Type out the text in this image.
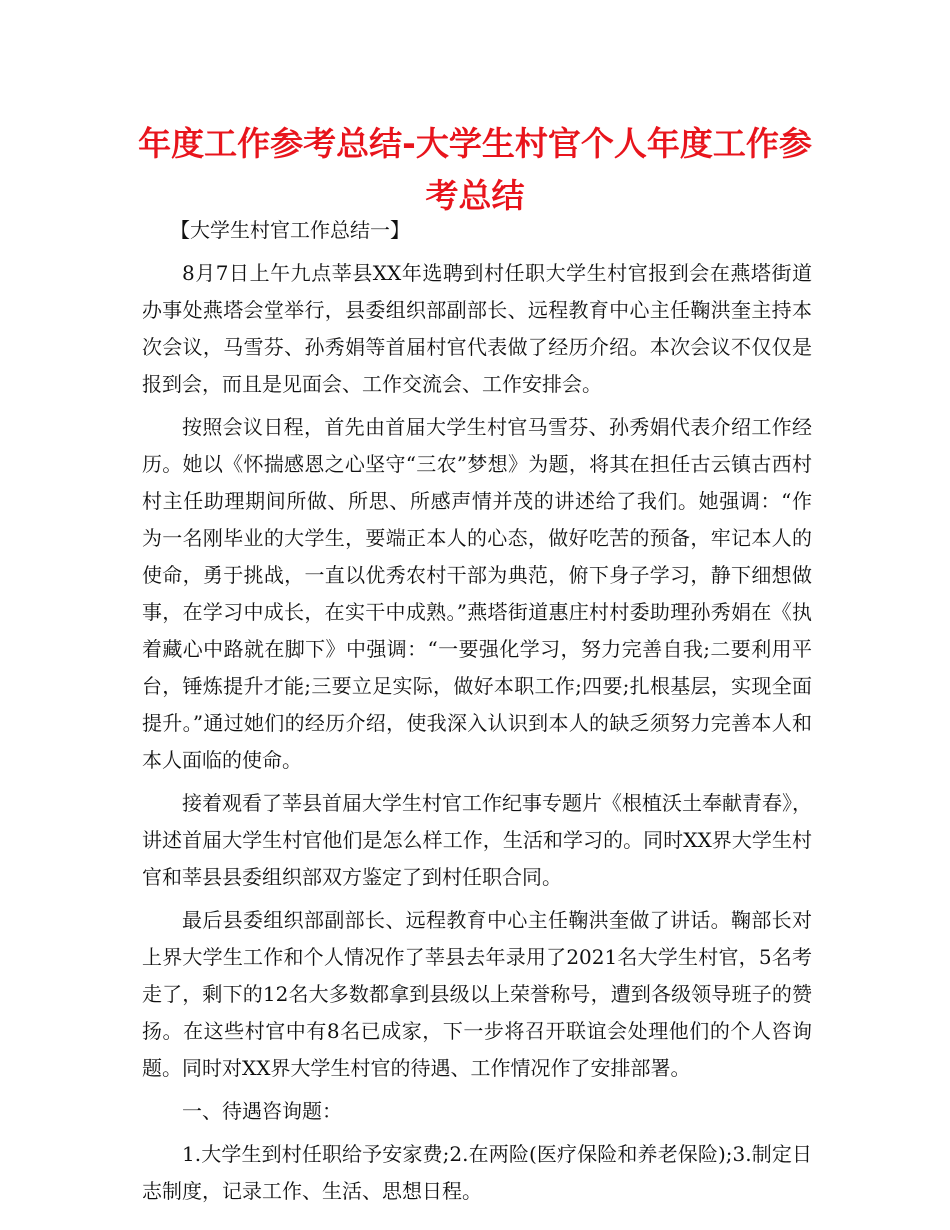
年度工作参考总结-大学生村官个人年度工作参考总结

【大学生村官工作总结一】

8月7日上午九点莘县XX年选聘到村任职大学生村官报到会在燕塔街道办事处燕塔会堂举行，县委组织部副部长、远程教育中心主任鞠洪奎主持本次会议，马雪芬、孙秀娟等首届村官代表做了经历介绍。本次会议不仅仅是报到会，而且是见面会、工作交流会、工作安排会。

按照会议日程，首先由首届大学生村官马雪芬、孙秀娟代表介绍工作经历。她以《怀揣感恩之心坚守“三农”梦想》为题，将其在担任古云镇古西村村主任助理期间所做、所思、所感声情并茂的讲述给了我们。她强调：“作为一名刚毕业的大学生，要端正本人的心态，做好吃苦的预备，牢记本人的使命，勇于挑战，一直以优秀农村干部为典范，俯下身子学习，静下细想做事，在学习中成长，在实干中成熟。”燕塔街道惠庄村村委助理孙秀娟在《执着藏心中路就在脚下》中强调：“一要强化学习，努力完善自我;二要利用平台，锤炼提升才能;三要立足实际，做好本职工作;四要;扎根基层，实现全面提升。”通过她们的经历介绍，使我深入认识到本人的缺乏须努力完善本人和本人面临的使命。

接着观看了莘县首届大学生村官工作纪事专题片《根植沃土奉献青春》，讲述首届大学生村官他们是怎么样工作，生活和学习的。同时XX界大学生村官和莘县县委组织部双方鉴定了到村任职合同。

最后县委组织部副部长、远程教育中心主任鞠洪奎做了讲话。鞠部长对上界大学生工作和个人情况作了莘县去年录用了2021名大学生村官，5名考走了，剩下的12名大多数都拿到县级以上荣誉称号，遭到各级领导班子的赞扬。在这些村官中有8名已成家，下一步将召开联谊会处理他们的个人咨询题。同时对XX界大学生村官的待遇、工作情况作了安排部署。

一、待遇咨询题：

1.大学生到村任职给予安家费;2.在两险(医疗保险和养老保险);3.制定日志制度，记录工作、生活、思想日程。
